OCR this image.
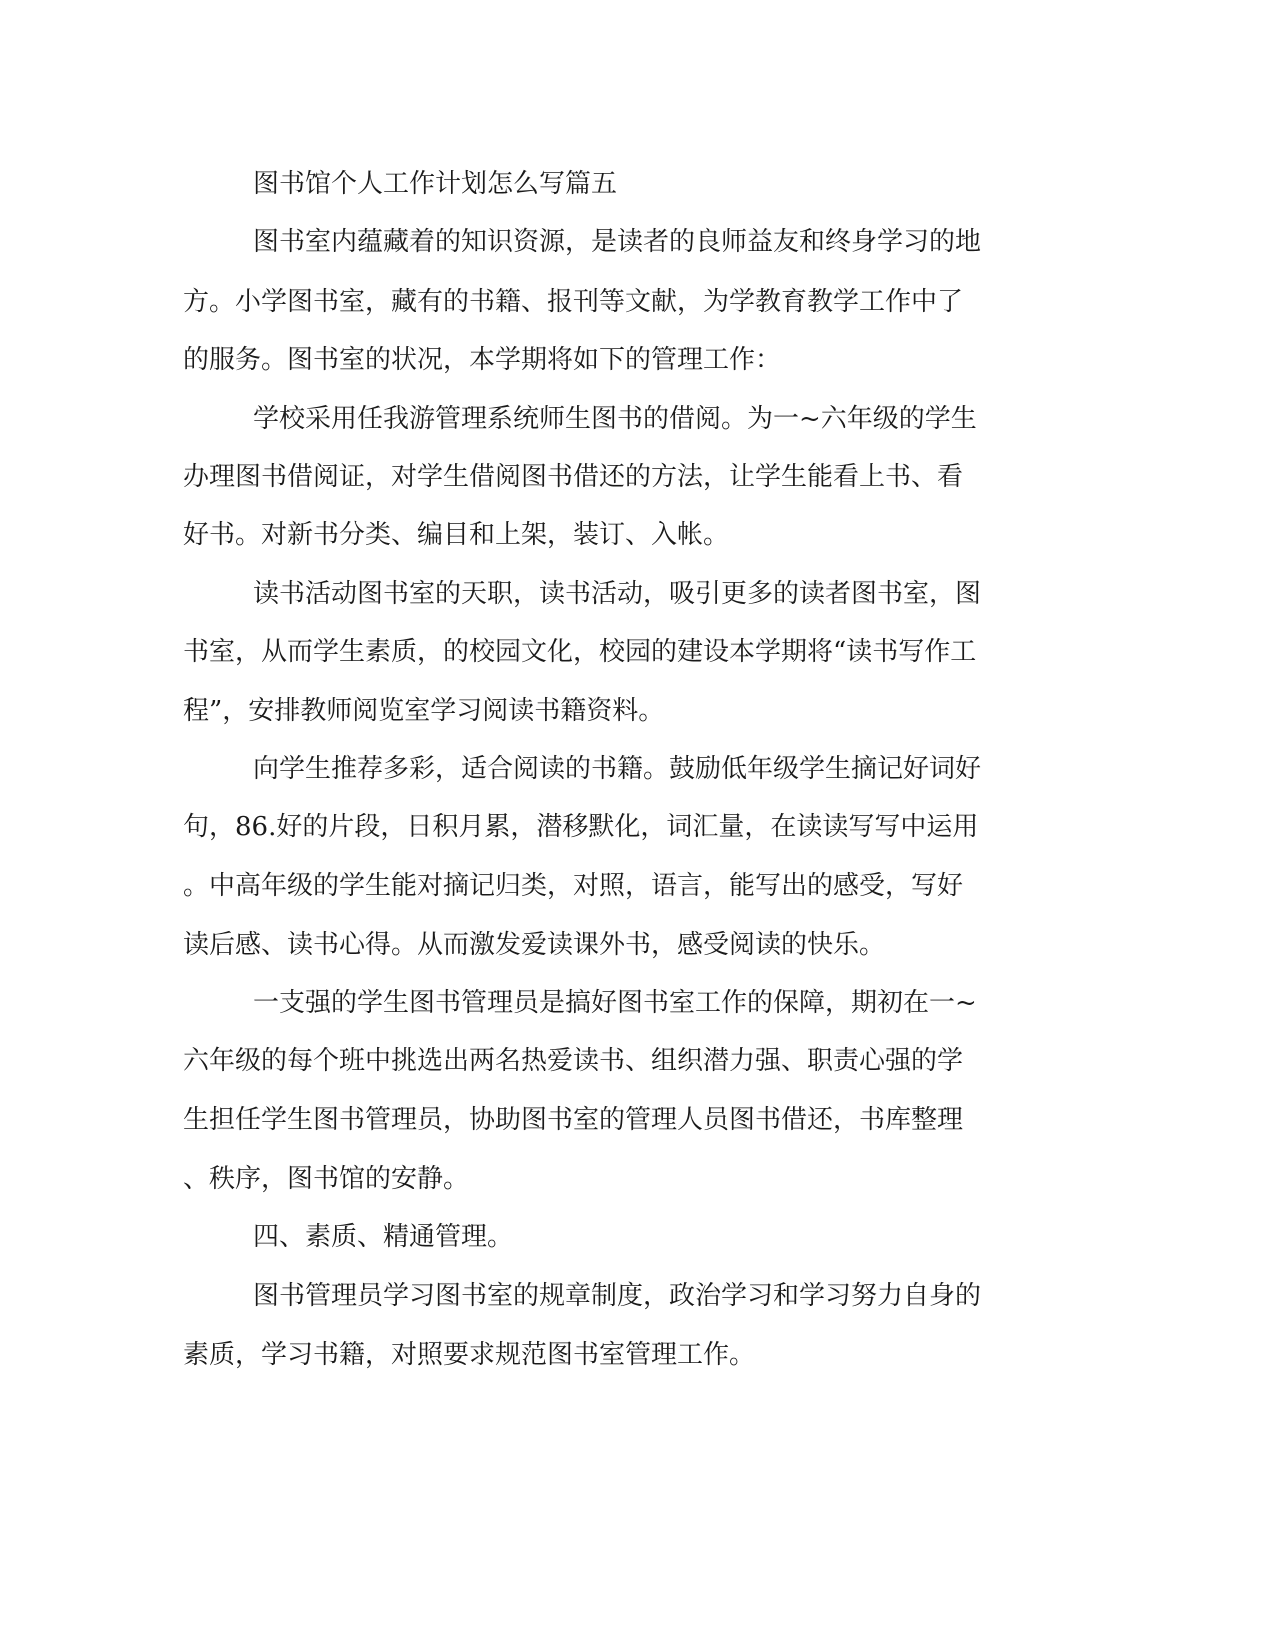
图书馆个人工作计划怎么写篇五

图书室内蕴藏着的知识资源，是读者的良师益友和终身学习的地

方。小学图书室，藏有的书籍、报刊等文献，为学教育教学工作中了

的服务。图书室的状况，本学期将如下的管理工作：

学校采用任我游管理系统师生图书的借阅。为一~六年级的学生

办理图书借阅证，对学生借阅图书借还的方法，让学生能看上书、看

好书。对新书分类、编目和上架，装订、入帐。

读书活动图书室的天职，读书活动，吸引更多的读者图书室，图

书室，从而学生素质，的校园文化，校园的建设本学期将“读书写作工

程”，安排教师阅览室学习阅读书籍资料。

向学生推荐多彩，适合阅读的书籍。鼓励低年级学生摘记好词好

句，86.好的片段，日积月累，潜移默化，词汇量，在读读写写中运用

。中高年级的学生能对摘记归类，对照，语言，能写出的感受，写好

读后感、读书心得。从而激发爱读课外书，感受阅读的快乐。

一支强的学生图书管理员是搞好图书室工作的保障，期初在一~

六年级的每个班中挑选出两名热爱读书、组织潜力强、职责心强的学

生担任学生图书管理员，协助图书室的管理人员图书借还，书库整理

、秩序，图书馆的安静。

四、素质、精通管理。

图书管理员学习图书室的规章制度，政治学习和学习努力自身的

素质，学习书籍，对照要求规范图书室管理工作。
